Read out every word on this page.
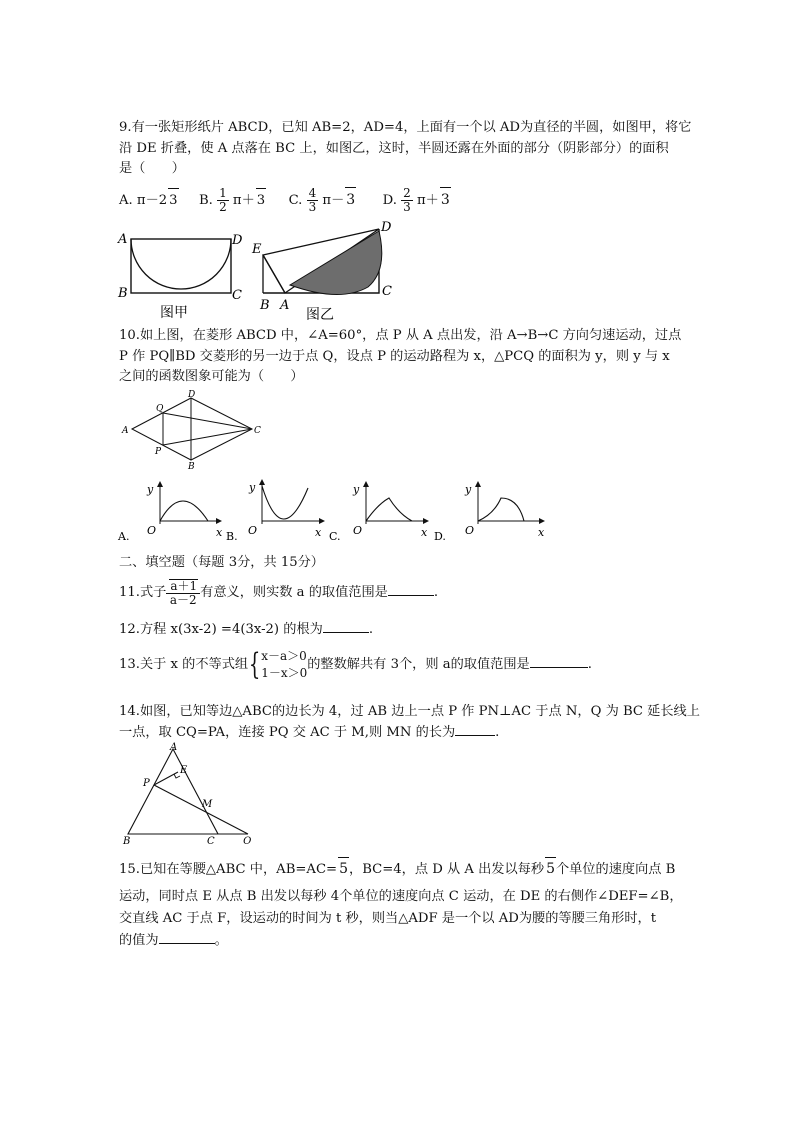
9.有一张矩形纸片 ABCD，已知 AB=2，AD=4，上面有一个以 AD为直径的半圆，如图甲，将它
沿 DE 折叠，使 A 点落在 BC 上，如图乙，这时，半圆还露在外面的部分（阴影部分）的面积
是（　　）
A. π－2 3 B. $\frac{1}{2} \pi+ 3$ C. $\frac{4}{3} \pi- 3$ D. $\frac{2}{3} \pi+ 3$
A
B	C
D
图甲
E
B A
C
D
图乙
10.如上图，在菱形 ABCD 中，∠A=60°，点 P 从 A 点出发，沿 A→B→C 方向匀速运动，过点
P 作 PQ∥BD 交菱形的另一边于点 Q，设点 P 的运动路程为 x，△PCQ 的面积为 y，则 y 与 x
之间的函数图象可能为（　　）
A
B
C
D
Q
P
A.
y
O	x B.
y
O	x C.
y
O	x D.
y
O	x
二、填空题（每题 3分，共 15分）
11.式子 $\frac{a+1}{a-2}$ 有意义，则实数 a 的取值范围是	.
12.方程 x(3x-2) =4(3x-2) 的根为	.
13.关于 x 的不等式组 { x－a＞0
1－x＞0
的整数解共有 3个，则 a的取值范围是	.
14.如图，已知等边△ABC的边长为 4，过 AB 边上一点 P 作 PN⊥AC 于点 N，Q 为 BC 延长线上
一点，取 CQ=PA，连接 PQ 交 AC 于 M,则 MN 的长为	.
A
E
P
M
B	C	Q
15.已知在等腰△ABC 中，AB=AC= 5，BC=4，点 D 从 A 出发以每秒 5个单位的速度向点 B
运动，同时点 E 从点 B 出发以每秒 4个单位的速度向点 C 运动，在 DE 的右侧作∠DEF=∠B，
交直线 AC 于点 F，设运动的时间为 t 秒，则当△ADF 是一个以 AD为腰的等腰三角形时，t
的值为	。
